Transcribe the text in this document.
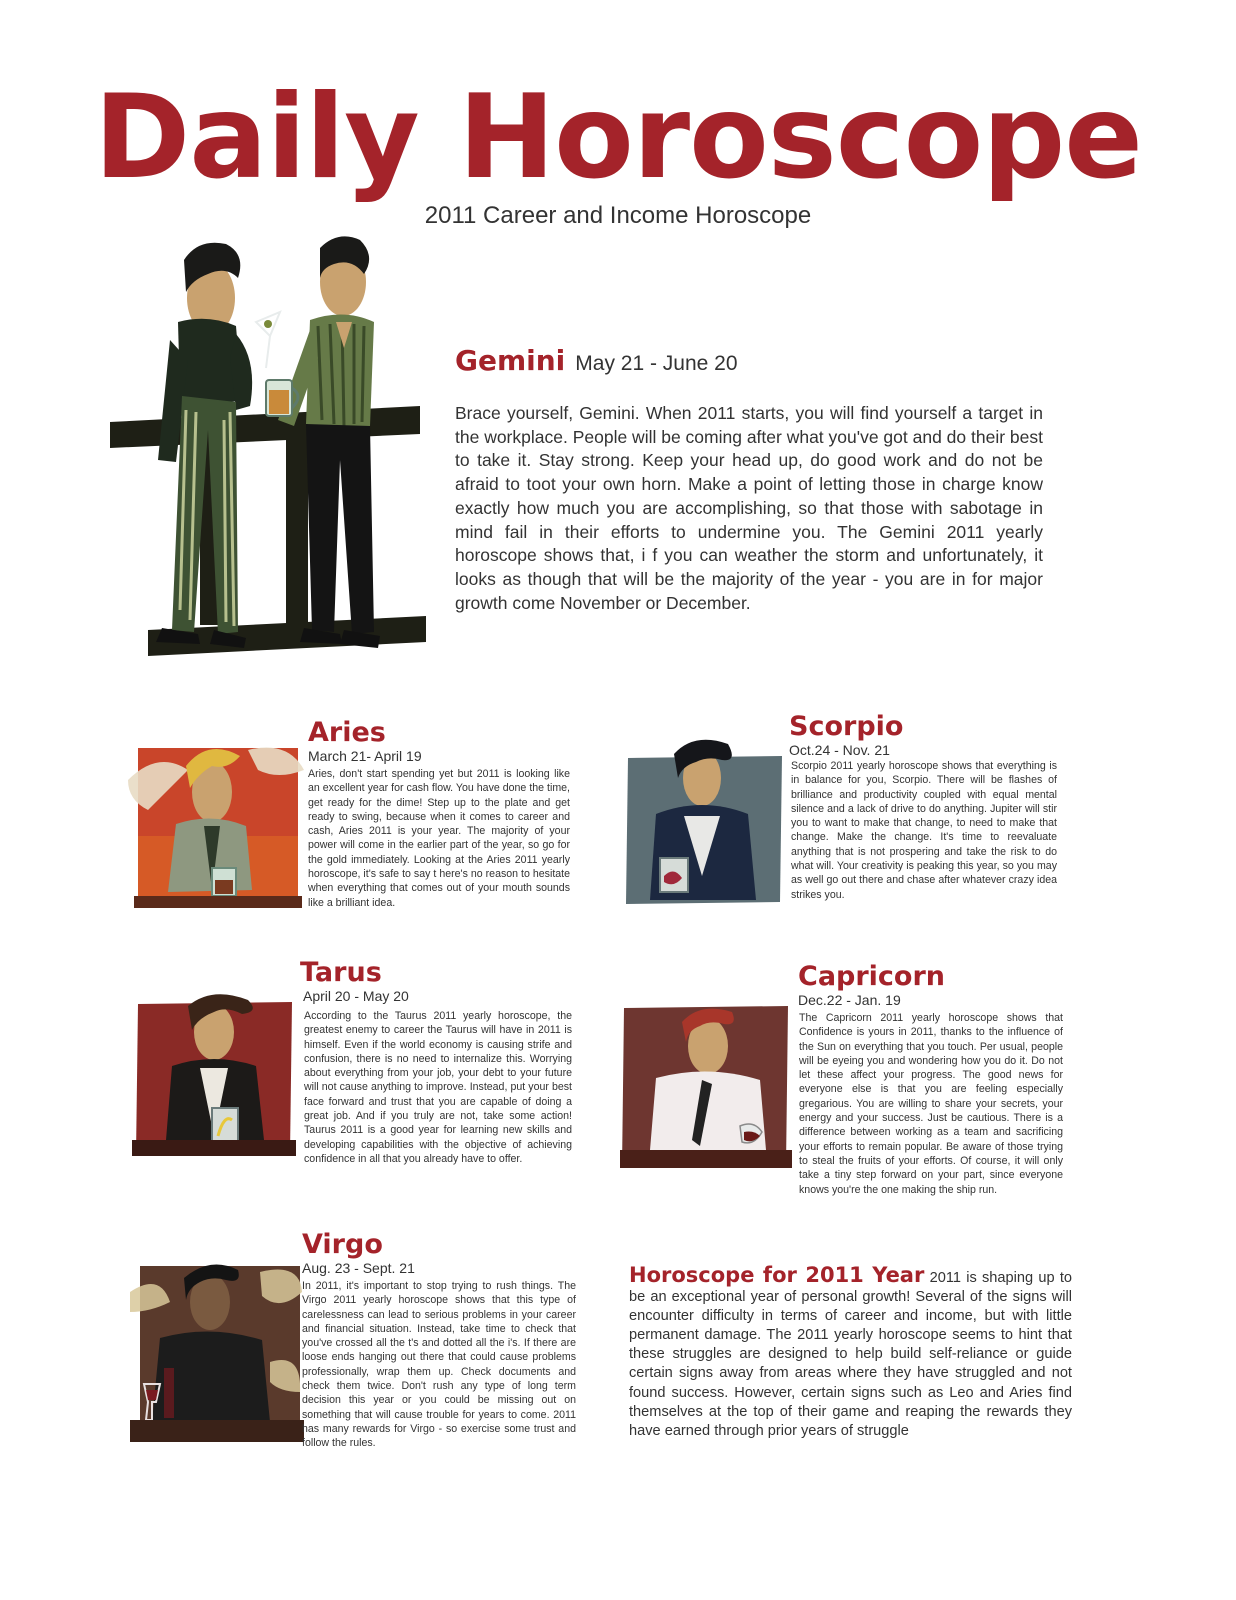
Daily Horoscope
2011 Career and Income Horoscope
Gemini May 21 - June 20
Brace yourself, Gemini. When 2011 starts, you will find yourself a target in the workplace. People will be coming after what you've got and do their best to take it. Stay strong. Keep your head up, do good work and do not be afraid to toot your own horn. Make a point of letting those in charge know exactly how much you are accomplishing, so that those with sabotage in mind fail in their efforts to undermine you. The Gemini 2011 yearly horoscope shows that, i f you can weather the storm and unfortunately, it looks as though that will be the majority of the year - you are in for major growth come November or December.
Aries
March 21- April 19
Aries, don't start spending yet but 2011 is looking like an excellent year for cash flow. You have done the time, get ready for the dime! Step up to the plate and get ready to swing, because when it comes to career and cash, Aries 2011 is your year. The majority of your power will come in the earlier part of the year, so go for the gold immediately. Looking at the Aries 2011 yearly horoscope, it's safe to say t here's no reason to hesitate when everything that comes out of your mouth sounds like a brilliant idea.
Scorpio
Oct.24 - Nov. 21
Scorpio 2011 yearly horoscope shows that everything is in balance for you, Scorpio. There will be flashes of brilliance and productivity coupled with equal mental silence and a lack of drive to do anything. Jupiter will stir you to want to make that change, to need to make that change. Make the change. It's time to reevaluate anything that is not prospering and take the risk to do what will. Your creativity is peaking this year, so you may as well go out there and chase after whatever crazy idea strikes you.
Tarus
April 20 - May 20
According to the Taurus 2011 yearly horoscope, the greatest enemy to career the Taurus will have in 2011 is himself. Even if the world economy is causing strife and confusion, there is no need to internalize this. Worrying about everything from your job, your debt to your future will not cause anything to improve. Instead, put your best face forward and trust that you are capable of doing a great job. And if you truly are not, take some action! Taurus 2011 is a good year for learning new skills and developing capabilities with the objective of achieving confidence in all that you already have to offer.
Capricorn
Dec.22 - Jan. 19
The Capricorn 2011 yearly horoscope shows that Confidence is yours in 2011, thanks to the influence of the Sun on everything that you touch. Per usual, people will be eyeing you and wondering how you do it. Do not let these affect your progress. The good news for everyone else is that you are feeling especially gregarious. You are willing to share your secrets, your energy and your success. Just be cautious. There is a difference between working as a team and sacrificing your efforts to remain popular. Be aware of those trying to steal the fruits of your efforts. Of course, it will only take a tiny step forward on your part, since everyone knows you're the one making the ship run.
Virgo
Aug. 23 - Sept. 21
In 2011, it's important to stop trying to rush things. The Virgo 2011 yearly horoscope shows that this type of carelessness can lead to serious problems in your career and financial situation. Instead, take time to check that you've crossed all the t's and dotted all the i's. If there are loose ends hanging out there that could cause problems professionally, wrap them up. Check documents and check them twice. Don't rush any type of long term decision this year or you could be missing out on something that will cause trouble for years to come. 2011 has many rewards for Virgo - so exercise some trust and follow the rules.
Horoscope for 2011 Year 2011 is shaping up to be an exceptional year of personal growth! Several of the signs will encounter difficulty in terms of career and income, but with little permanent damage. The 2011 yearly horoscope seems to hint that these struggles are designed to help build self-reliance or guide certain signs away from areas where they have struggled and not found success. However, certain signs such as Leo and Aries find themselves at the top of their game and reaping the rewards they have earned through prior years of struggle
